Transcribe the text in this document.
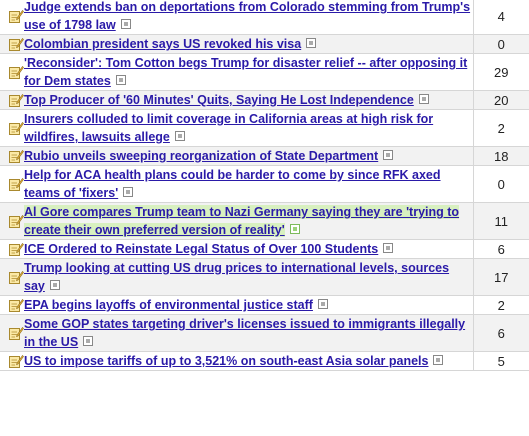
	Judge extends ban on deportations from Colorado stemming from Trump's use of 1798 law	4
	Colombian president says US revoked his visa	0
	'Reconsider': Tom Cotton begs Trump for disaster relief -- after opposing it for Dem states	29
	Top Producer of '60 Minutes' Quits, Saying He Lost Independence	20
	Insurers colluded to limit coverage in California areas at high risk for wildfires, lawsuits allege	2
	Rubio unveils sweeping reorganization of State Department	18
	Help for ACA health plans could be harder to come by since RFK axed teams of 'fixers'	0
	Al Gore compares Trump team to Nazi Germany saying they are 'trying to create their own preferred version of reality'	11
	ICE Ordered to Reinstate Legal Status of Over 100 Students	6
	Trump looking at cutting US drug prices to international levels, sources say	17
	EPA begins layoffs of environmental justice staff	2
	Some GOP states targeting driver's licenses issued to immigrants illegally in the US	6
	US to impose tariffs of up to 3,521% on south-east Asia solar panels	5
